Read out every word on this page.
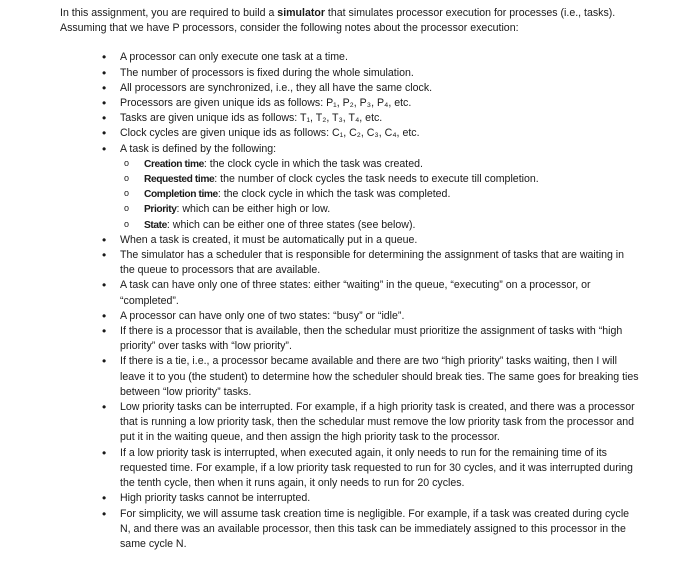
In this assignment, you are required to build a simulator that simulates processor execution for processes (i.e., tasks). Assuming that we have P processors, consider the following notes about the processor execution:

• A processor can only execute one task at a time.
• The number of processors is fixed during the whole simulation.
• All processors are synchronized, i.e., they all have the same clock.
• Processors are given unique ids as follows: P₁, P₂, P₃, P₄, etc.
• Tasks are given unique ids as follows: T₁, T₂, T₃, T₄, etc.
• Clock cycles are given unique ids as follows: C₁, C₂, C₃, C₄, etc.
• A task is defined by the following:
o Creation time: the clock cycle in which the task was created.
o Requested time: the number of clock cycles the task needs to execute till completion.
o Completion time: the clock cycle in which the task was completed.
o Priority: which can be either high or low.
o State: which can be either one of three states (see below).
• When a task is created, it must be automatically put in a queue.
• The simulator has a scheduler that is responsible for determining the assignment of tasks that are waiting in the queue to processors that are available.
• A task can have only one of three states: either “waiting” in the queue, “executing” on a processor, or “completed”.
• A processor can have only one of two states: “busy” or “idle”.
• If there is a processor that is available, then the schedular must prioritize the assignment of tasks with “high priority” over tasks with “low priority”.
• If there is a tie, i.e., a processor became available and there are two “high priority” tasks waiting, then I will leave it to you (the student) to determine how the scheduler should break ties. The same goes for breaking ties between “low priority” tasks.
• Low priority tasks can be interrupted. For example, if a high priority task is created, and there was a processor that is running a low priority task, then the schedular must remove the low priority task from the processor and put it in the waiting queue, and then assign the high priority task to the processor.
• If a low priority task is interrupted, when executed again, it only needs to run for the remaining time of its requested time. For example, if a low priority task requested to run for 30 cycles, and it was interrupted during the tenth cycle, then when it runs again, it only needs to run for 20 cycles.
• High priority tasks cannot be interrupted.
• For simplicity, we will assume task creation time is negligible. For example, if a task was created during cycle N, and there was an available processor, then this task can be immediately assigned to this processor in the same cycle N.
